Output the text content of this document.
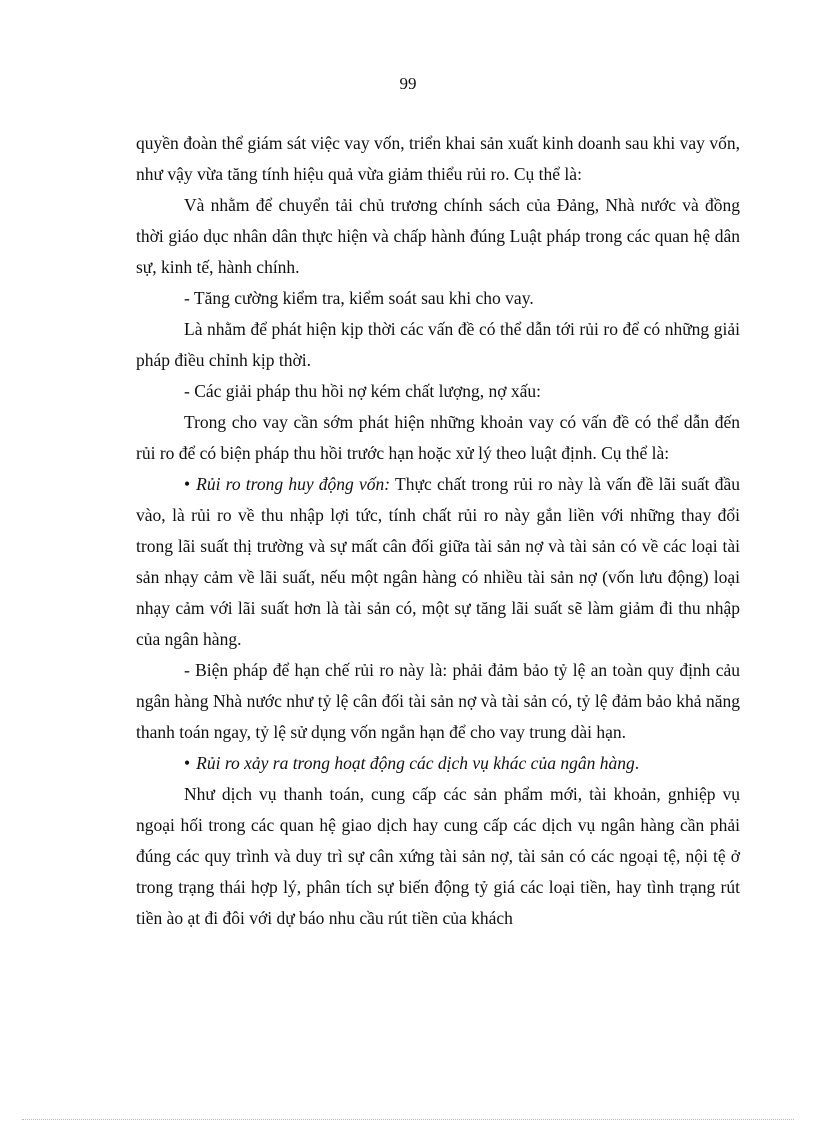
99

quyền đoàn thể giám sát việc vay vốn, triển khai sản xuất kinh doanh sau khi vay vốn, như vậy vừa tăng tính hiệu quả vừa giảm thiểu rủi ro. Cụ thể là:

Và nhằm để chuyển tải chủ trương chính sách của Đảng, Nhà nước và đồng thời giáo dục nhân dân thực hiện và chấp hành đúng Luật pháp trong các quan hệ dân sự, kinh tế, hành chính.

- Tăng cường kiểm tra, kiểm soát sau khi cho vay.

Là nhằm để phát hiện kịp thời các vấn đề có thể dẫn tới rủi ro để có những giải pháp điều chỉnh kịp thời.

- Các giải pháp thu hồi nợ kém chất lượng, nợ xấu:

Trong cho vay cần sớm phát hiện những khoản vay có vấn đề có thể dẫn đến rủi ro để có biện pháp thu hồi trước hạn hoặc xử lý theo luật định. Cụ thể là:

• Rủi ro trong huy động vốn: Thực chất trong rủi ro này là vấn đề lãi suất đầu vào, là rủi ro về thu nhập lợi tức, tính chất rủi ro này gắn liền với những thay đổi trong lãi suất thị trường và sự mất cân đối giữa tài sản nợ và tài sản có về các loại tài sản nhạy cảm về lãi suất, nếu một ngân hàng có nhiều tài sản nợ (vốn lưu động) loại nhạy cảm với lãi suất hơn là tài sản có, một sự tăng lãi suất sẽ làm giảm đi thu nhập của ngân hàng.

- Biện pháp để hạn chế rủi ro này là: phải đảm bảo tỷ lệ an toàn quy định cảu ngân hàng Nhà nước như tỷ lệ cân đối tài sản nợ và tài sản có, tỷ lệ đảm bảo khả năng thanh toán ngay, tỷ lệ sử dụng vốn ngắn hạn để cho vay trung dài hạn.

• Rủi ro xảy ra trong hoạt động các dịch vụ khác của ngân hàng.

Như dịch vụ thanh toán, cung cấp các sản phẩm mới, tài khoản, gnhiệp vụ ngoại hối trong các quan hệ giao dịch hay cung cấp các dịch vụ ngân hàng cần phải đúng các quy trình và duy trì sự cân xứng tài sản nợ, tài sản có các ngoại tệ, nội tệ ở trong trạng thái hợp lý, phân tích sự biến động tỷ giá các loại tiền, hay tình trạng rút tiền ào ạt đi đôi với dự báo nhu cầu rút tiền của khách
